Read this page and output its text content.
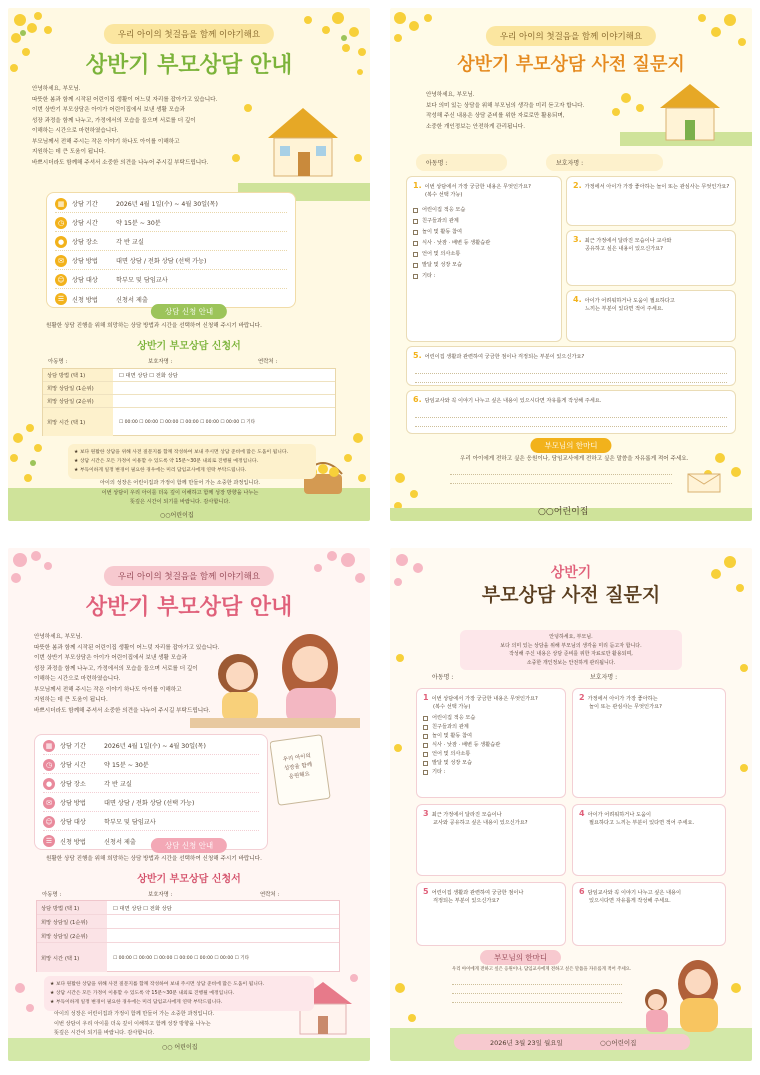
우리 아이의 첫걸음을 함께 이야기해요
상반기 부모상담 안내
안녕하세요, 부모님.
따뜻한 봄과 함께 시작된 어린이집 생활이 어느덧 자리를 잡아가고 있습니다.
이번 상반기 부모상담은 아이가 어린이집에서 보낸 생활 모습과
성장 과정을 함께 나누고, 가정에서의 모습을 들으며 서로를 더 깊이
이해하는 시간으로 마련하였습니다.
부모님께서 전해 주시는 작은 이야기 하나도 아이를 이해하고
지원하는 데 큰 도움이 됩니다.
바쁘시더라도 함께해 주셔서 소중한 의견을 나누어 주시길 부탁드립니다.
▦	상담 기간	2026년 4월 1일(수) ~ 4월 30일(목)
◷	상담 시간	약 15분 ~ 30분
●	상담 장소	각 반 교실
✉	상담 방법	대면 상담 / 전화 상담 (선택 가능)
☺	상담 대상	학부모 및 담임교사
☰	신청 방법	신청서 제출
상담 신청 안내
원활한 상담 진행을 위해 희망하는 상담 방법과 시간을 선택하여 신청해 주시기 바랍니다.
상반기 부모상담 신청서
아동명 :	보호자명 :	연락처 :
상담 방법 (택 1)	☐ 대면 상담 ☐ 전화 상담
희망 상담일 (1순위)
희망 상담일 (2순위)
희망 시간 (택 1)	☐ 00:00 ☐ 00:00 ☐ 00:00 ☐ 00:00 ☐ 00:00 ☐ 00:00 ☐ 기타
★ 보다 원활한 상담을 위해 사전 질문지를 함께 작성하여 보내 주시면 상담 준비에 많은 도움이 됩니다.
★ 상담 시간은 모든 가정이 이용할 수 있도록 약 15분~30분 내외로 진행될 예정입니다.
★ 부득이하게 일정 변경이 필요한 경우에는 미리 담임교사에게 연락 부탁드립니다.
아이의 성장은 어린이집과 가정이 함께 만들어 가는 소중한 과정입니다.
이번 상담이 우리 아이를 더욱 깊이 이해하고 함께 성장 방향을 나누는
뜻깊은 시간이 되기를 바랍니다. 감사합니다.
○○어린이집
우리 아이의 첫걸음을 함께 이야기해요
상반기 부모상담 사전 질문지
안녕하세요, 부모님.
보다 의미 있는 상담을 위해 부모님의 생각을 미리 듣고자 합니다.
작성해 주신 내용은 상담 준비를 위한 자료로만 활용되며,
소중한 개인정보는 안전하게 관리됩니다.
아동명 :	보호자명 :
1. 이번 상담에서 가장 궁금한 내용은 무엇인가요?
(복수 선택 가능)
어린이집 적응 모습
친구들과의 관계
놀이 및 활동 참여
식사 · 낮잠 · 배변 등 생활습관
언어 및 의사소통
발달 및 성장 모습
기타 :
2. 가정에서 아이가 가장 좋아하는 놀이 또는 관심사는 무엇인가요?
3. 최근 가정에서 달라진 모습이나 교사와
공유하고 싶은 내용이 있으신가요?
4. 아이가 어려워하거나 도움이 필요하다고
느끼는 부분이 있다면 적어 주세요.
5. 어린이집 생활과 관련하여 궁금한 점이나 걱정되는 부분이 있으신가요?
6. 담임교사와 꼭 이야기 나누고 싶은 내용이 있으시다면 자유롭게 작성해 주세요.
부모님의 한마디
우리 아이에게 전하고 싶은 응원이나, 담임교사에게 전하고 싶은 말씀을 자유롭게 적어 주세요.
○○어린이집
우리 아이의
성장을 함께
응원해요
우리 아이의 첫걸음을 함께 이야기해요
상반기 부모상담 안내
안녕하세요, 부모님.
따뜻한 봄과 함께 시작된 어린이집 생활이 어느덧 자리를 잡아가고 있습니다.
이번 상반기 부모상담은 아이가 어린이집에서 보낸 생활 모습과
성장 과정을 함께 나누고, 가정에서의 모습을 들으며 서로를 더 깊이
이해하는 시간으로 마련하였습니다.
부모님께서 전해 주시는 작은 이야기 하나도 아이를 이해하고
지원하는 데 큰 도움이 됩니다.
바쁘시더라도 함께해 주셔서 소중한 의견을 나누어 주시길 부탁드립니다.
▦	상담 기간	2026년 4월 1일(수) ~ 4월 30일(목)
◷	상담 시간	약 15분 ~ 30분
●	상담 장소	각 반 교실
✉	상담 방법	대면 상담 / 전화 상담 (선택 가능)
☺	상담 대상	학부모 및 담임교사
☰	신청 방법	신청서 제출	상담 신청 안내
원활한 상담 진행을 위해 희망하는 상담 방법과 시간을 선택하여 신청해 주시기 바랍니다.
상반기 부모상담 신청서
아동명 :	보호자명 :	연락처 :
상담 방법 (택 1)	☐ 대면 상담 ☐ 전화 상담
희망 상담일 (1순위)
희망 상담일 (2순위)
희망 시간 (택 1)	☐ 00:00 ☐ 00:00 ☐ 00:00 ☐ 00:00 ☐ 00:00 ☐ 00:00 ☐ 기타
★ 보다 원활한 상담을 위해 사전 질문지를 함께 작성하여 보내 주시면 상담 준비에 많은 도움이 됩니다.
★ 상담 시간은 모든 가정이 이용할 수 있도록 약 15분~30분 내외로 진행될 예정입니다.
★ 부득이하게 일정 변경이 필요한 경우에는 미리 담임교사에게 연락 부탁드립니다.
아이의 성장은 어린이집과 가정이 함께 만들어 가는 소중한 과정입니다.
이번 상담이 우리 아이를 더욱 깊이 이해하고 함께 성장 방향을 나누는
뜻깊은 시간이 되기를 바랍니다. 감사합니다.
○○ 어린이집
상반기
부모상담 사전 질문지
안녕하세요, 부모님.
보다 의미 있는 상담을 위해 부모님의 생각을 미리 듣고자 합니다.
작성해 주신 내용은 상담 준비를 위한 자료로만 활용되며,
소중한 개인정보는 안전하게 관리됩니다.
아동명 :	보호자명 :
1 이번 상담에서 가장 궁금한 내용은 무엇인가요?
(복수 선택 가능)
어린이집 적응 모습
친구들과의 관계
놀이 및 활동 참여
식사 · 낮잠 · 배변 등 생활습관
언어 및 의사소통
발달 및 성장 모습
기타 :
2 가정에서 아이가 가장 좋아하는
놀이 또는 관심사는 무엇인가요?
3 최근 가정에서 달라진 모습이나
교사와 공유하고 싶은 내용이 있으신가요?
4 아이가 어려워하거나 도움이
필요하다고 느끼는 부분이 있다면 적어 주세요.
5 어린이집 생활과 관련하여 궁금한 점이나
걱정되는 부분이 있으신가요?
6 담임교사와 꼭 이야기 나누고 싶은 내용이
있으시다면 자유롭게 작성해 주세요.
부모님의 한마디
우리 아이에게 전하고 싶은 응원이나, 담임교사에게 전하고 싶은 말씀을 자유롭게 적어 주세요.
2026년 3월 23일 월요일	○○어린이집
